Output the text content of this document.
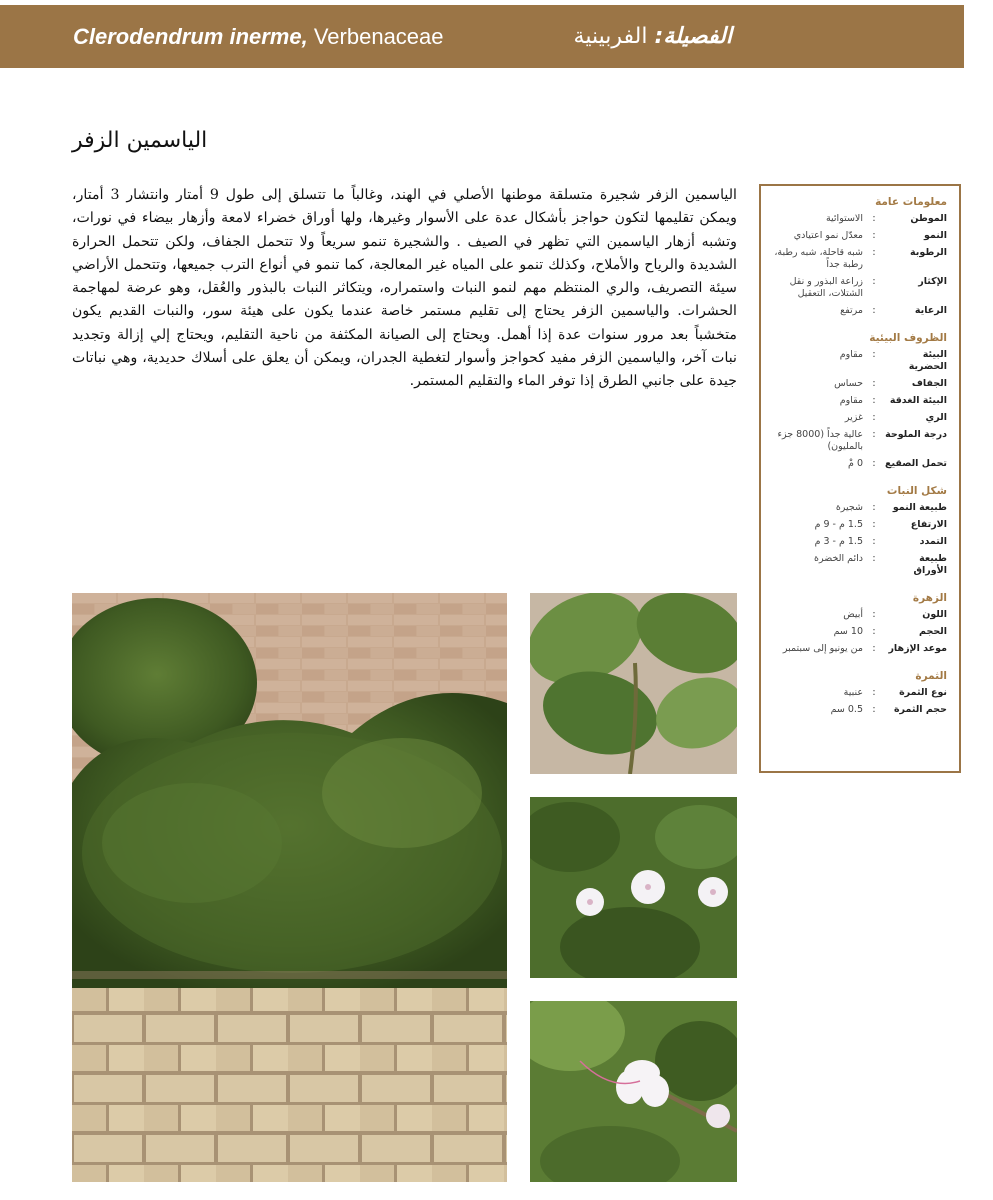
Clerodendrum inerme, Verbenaceae	الفصيلة: الفربينية
الياسمين الزفر

الياسمين الزفر شجيرة متسلقة موطنها الأصلي في الهند، وغالباً ما تتسلق إلى طول 9 أمتار وانتشار 3 أمتار، ويمكن تقليمها لتكون حواجز بأشكال عدة على الأسوار وغيرها، ولها أوراق خضراء لامعة وأزهار بيضاء في نورات، وتشبه أزهار الياسمين التي تظهر في الصيف . والشجيرة تنمو سريعاً ولا تتحمل الجفاف، ولكن تتحمل الحرارة الشديدة والرياح والأملاح، وكذلك تنمو على المياه غير المعالجة، كما تنمو في أنواع الترب جميعها، وتتحمل الأراضي سيئة التصريف، والري المنتظم مهم لنمو النبات واستمراره، ويتكاثر النبات بالبذور والعُقل، وهو عرضة لمهاجمة الحشرات. والياسمين الزفر يحتاج إلى تقليم مستمر خاصة عندما يكون على هيئة سور، والنبات القديم يكون متخشباً بعد مرور سنوات عدة إذا أهمل. ويحتاج إلى الصيانة المكثفة من ناحية التقليم، ويحتاج إلي إزالة وتجديد نبات آخر، والياسمين الزفر مفيد كحواجز وأسوار لتغطية الجدران، ويمكن أن يعلق على أسلاك حديدية، وهي نباتات جيدة على جانبي الطرق إذا توفر الماء والتقليم المستمر.

معلومات عامة
الموطن
:
الاستوائية
النمو
:
معدّل نمو اعتيادي
الرطوبة
:
شبه قاحلة، شبه رطبة، رطبة جداً
الإكثار
:
زراعة البذور و نقل الشتلات، التعقيل
الرعاية
:
مرتفع
الظروف البيئية
البيئة الحضرية
:
مقاوم
الجفاف
:
حساس
البيئة الغدقة
:
مقاوم
الري
:
غزير
درجة الملوحة
:
عالية جداً (8000 جزء بالمليون)
تحمل الصقيع
:
0 مْ
شكل النبات
طبيعة النمو
:
شجيرة
الارتفاع
:
1.5 م - 9 م
التمدد
:
1.5 م - 3 م
طبيعة الأوراق
:
دائم الخضرة
الزهرة
اللون
:
أبيض
الحجم
:
10 سم
موعد الإزهار
:
من يونيو إلى سبتمبر
الثمرة
نوع الثمرة
:
عنبية
حجم الثمرة
:
0.5 سم
